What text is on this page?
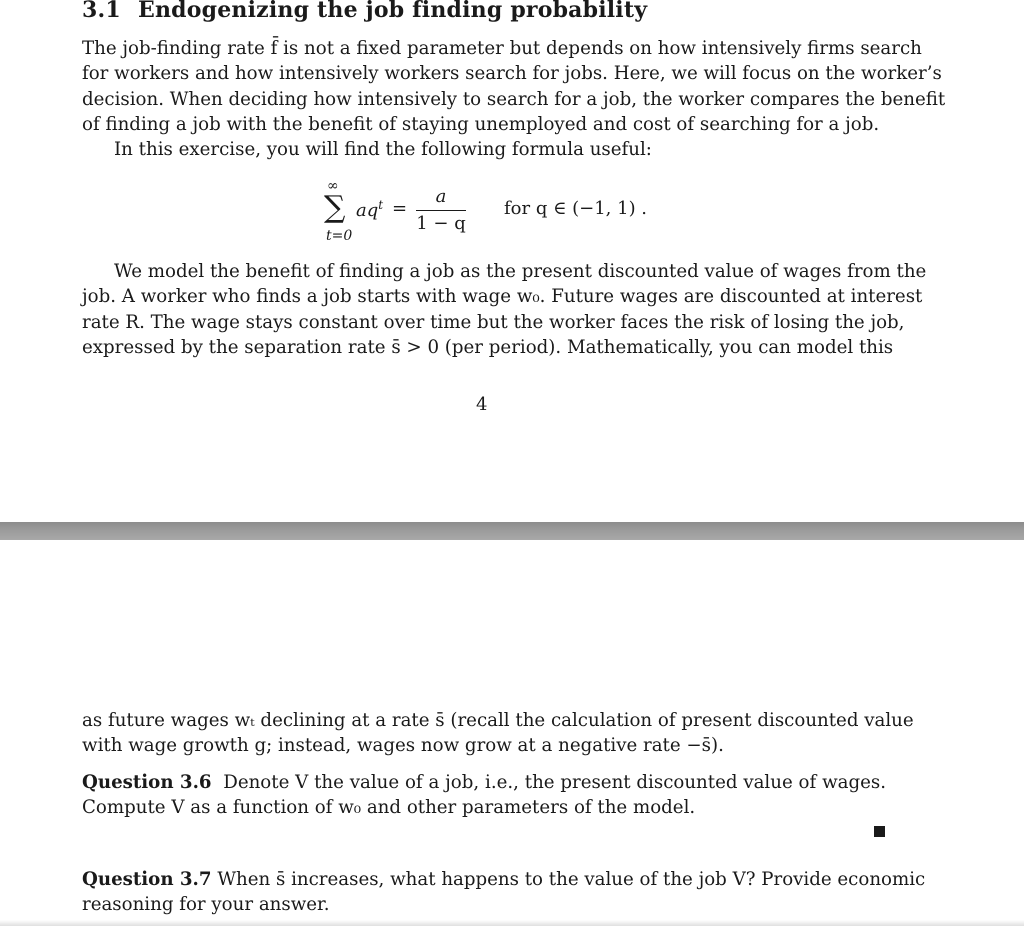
3.1 Endogenizing the job finding probability
The job-finding rate f̄ is not a fixed parameter but depends on how intensively firms search
for workers and how intensively workers search for jobs. Here, we will focus on the worker’s
decision. When deciding how intensively to search for a job, the worker compares the benefit
of finding a job with the benefit of staying unemployed and cost of searching for a job.
In this exercise, you will find the following formula useful:
∞
∑
t=0
$aq^t$ =
a
1 − q
for q ∈ (−1, 1) .
We model the benefit of finding a job as the present discounted value of wages from the
job. A worker who finds a job starts with wage w₀. Future wages are discounted at interest
rate R. The wage stays constant over time but the worker faces the risk of losing the job,
expressed by the separation rate s̄ > 0 (per period). Mathematically, you can model this
4
as future wages wₜ declining at a rate s̄ (recall the calculation of present discounted value
with wage growth g; instead, wages now grow at a negative rate −s̄).
Question 3.6 Denote V the value of a job, i.e., the present discounted value of wages.
Compute V as a function of w₀ and other parameters of the model.
Question 3.7 When s̄ increases, what happens to the value of the job V? Provide economic
reasoning for your answer.
